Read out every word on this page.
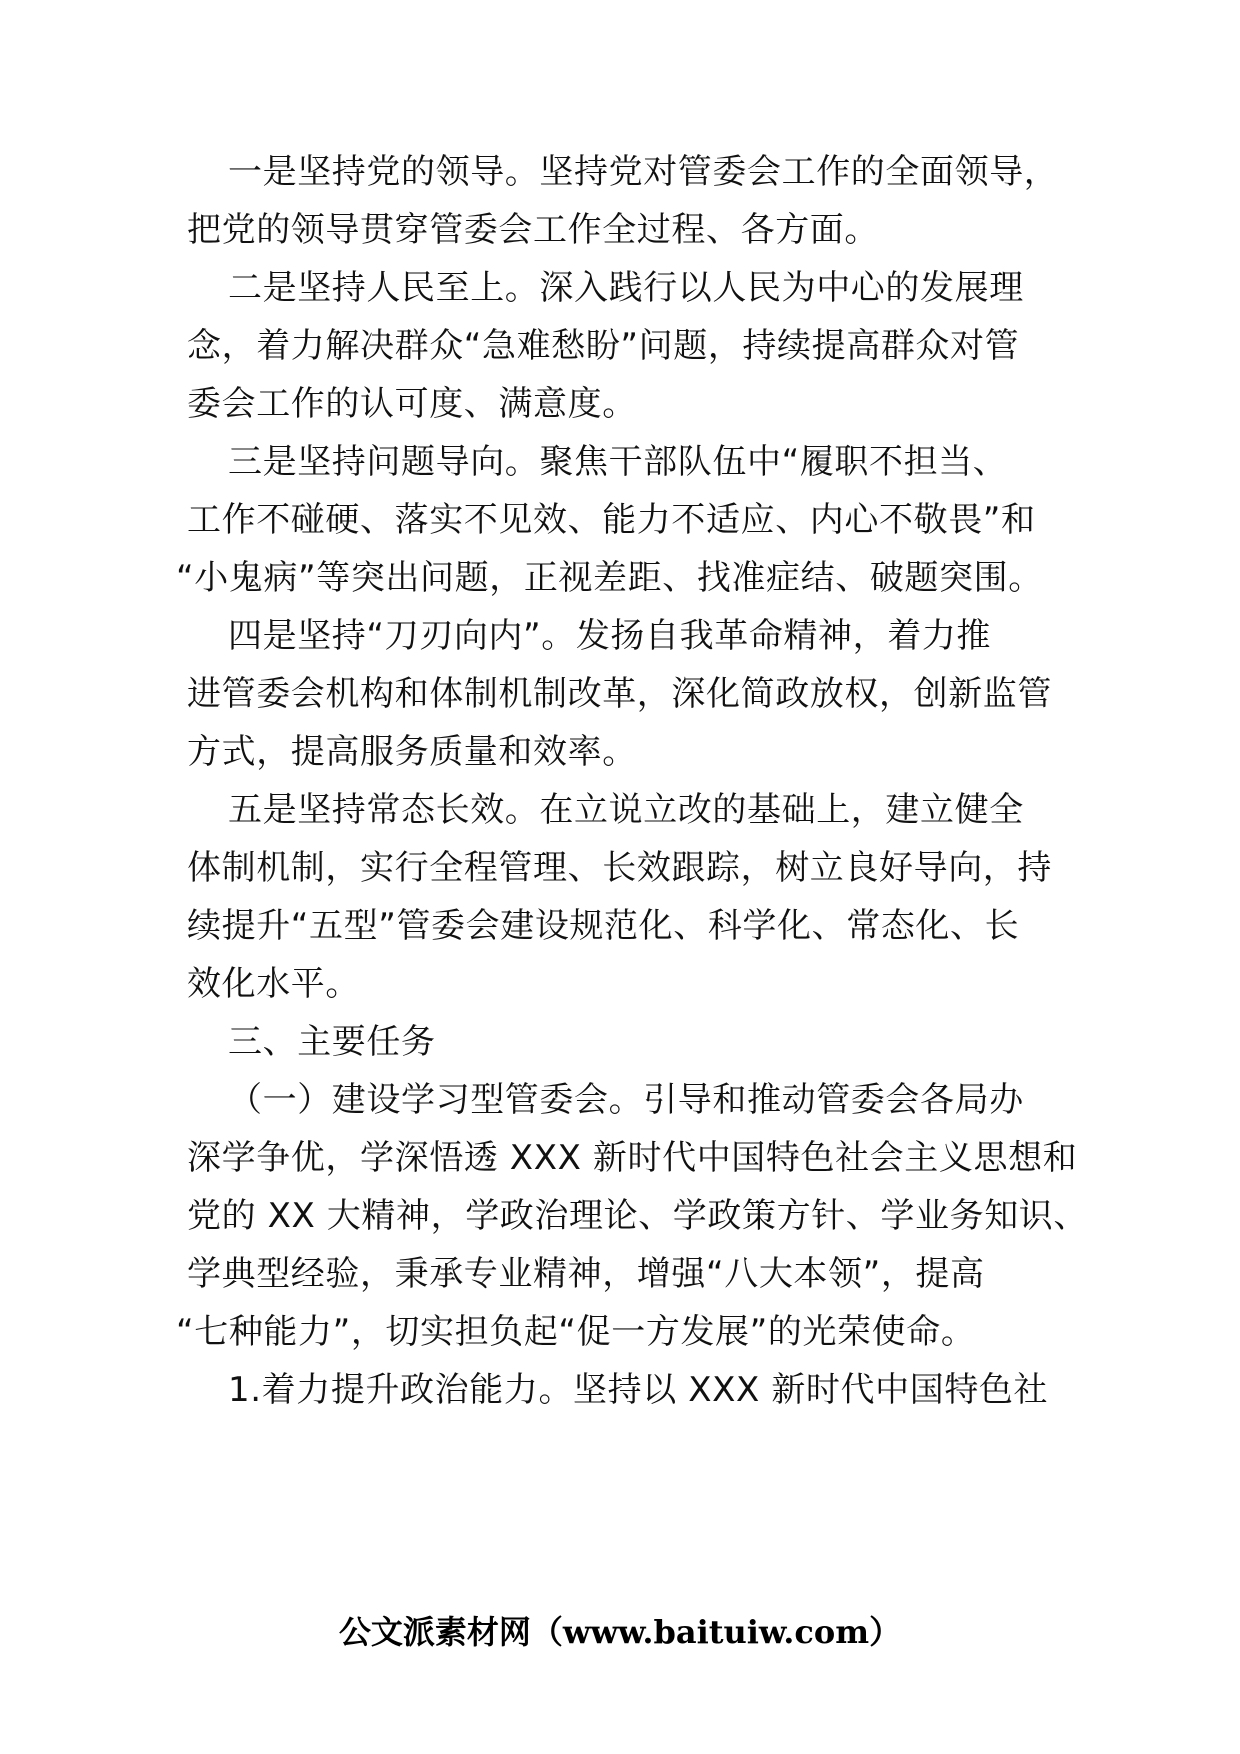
一是坚持党的领导。坚持党对管委会工作的全面领导，
把党的领导贯穿管委会工作全过程、各方面。
二是坚持人民至上。深入践行以人民为中心的发展理
念，着力解决群众“急难愁盼”问题，持续提高群众对管
委会工作的认可度、满意度。
三是坚持问题导向。聚焦干部队伍中“履职不担当、
工作不碰硬、落实不见效、能力不适应、内心不敬畏”和
“小鬼病”等突出问题，正视差距、找准症结、破题突围。
四是坚持“刀刃向内”。发扬自我革命精神，着力推
进管委会机构和体制机制改革，深化简政放权，创新监管
方式，提高服务质量和效率。
五是坚持常态长效。在立说立改的基础上，建立健全
体制机制，实行全程管理、长效跟踪，树立良好导向，持
续提升“五型”管委会建设规范化、科学化、常态化、长
效化水平。
三、主要任务
（一）建设学习型管委会。引导和推动管委会各局办
深学争优，学深悟透 XXX 新时代中国特色社会主义思想和
党的 XX 大精神，学政治理论、学政策方针、学业务知识、
学典型经验，秉承专业精神，增强“八大本领”，提高
“七种能力”，切实担负起“促一方发展”的光荣使命。
1.着力提升政治能力。坚持以 XXX 新时代中国特色社
公文派素材网（www.baituiw.com）
